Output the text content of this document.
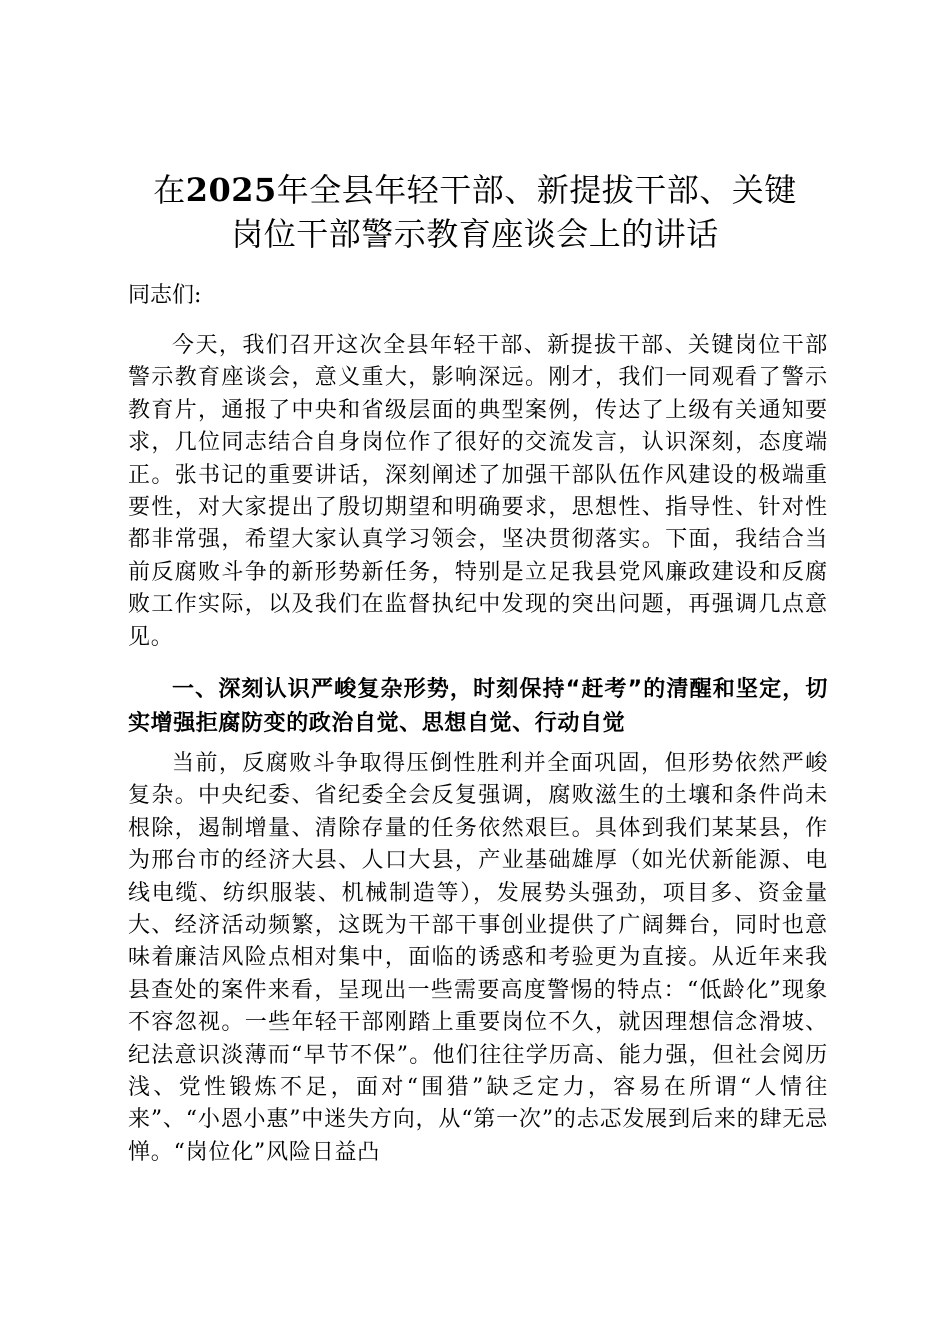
在2025年全县年轻干部、新提拔干部、关键
岗位干部警示教育座谈会上的讲话

同志们:

今天，我们召开这次全县年轻干部、新提拔干部、关键岗位干部警示教育座谈会，意义重大，影响深远。刚才，我们一同观看了警示教育片，通报了中央和省级层面的典型案例，传达了上级有关通知要求，几位同志结合自身岗位作了很好的交流发言，认识深刻，态度端正。张书记的重要讲话，深刻阐述了加强干部队伍作风建设的极端重要性，对大家提出了殷切期望和明确要求，思想性、指导性、针对性都非常强，希望大家认真学习领会，坚决贯彻落实。下面，我结合当前反腐败斗争的新形势新任务，特别是立足我县党风廉政建设和反腐败工作实际，以及我们在监督执纪中发现的突出问题，再强调几点意见。

一、深刻认识严峻复杂形势，时刻保持“赶考”的清醒和坚定，切实增强拒腐防变的政治自觉、思想自觉、行动自觉

当前，反腐败斗争取得压倒性胜利并全面巩固，但形势依然严峻复杂。中央纪委、省纪委全会反复强调，腐败滋生的土壤和条件尚未根除，遏制增量、清除存量的任务依然艰巨。具体到我们某某县，作为邢台市的经济大县、人口大县，产业基础雄厚（如光伏新能源、电线电缆、纺织服装、机械制造等），发展势头强劲，项目多、资金量大、经济活动频繁，这既为干部干事创业提供了广阔舞台，同时也意味着廉洁风险点相对集中，面临的诱惑和考验更为直接。从近年来我县查处的案件来看，呈现出一些需要高度警惕的特点：“低龄化”现象不容忽视。一些年轻干部刚踏上重要岗位不久，就因理想信念滑坡、纪法意识淡薄而“早节不保”。他们往往学历高、能力强，但社会阅历浅、党性锻炼不足，面对“围猎”缺乏定力，容易在所谓“人情往来”、“小恩小惠”中迷失方向，从“第一次”的忐忑发展到后来的肆无忌惮。“岗位化”风险日益凸
